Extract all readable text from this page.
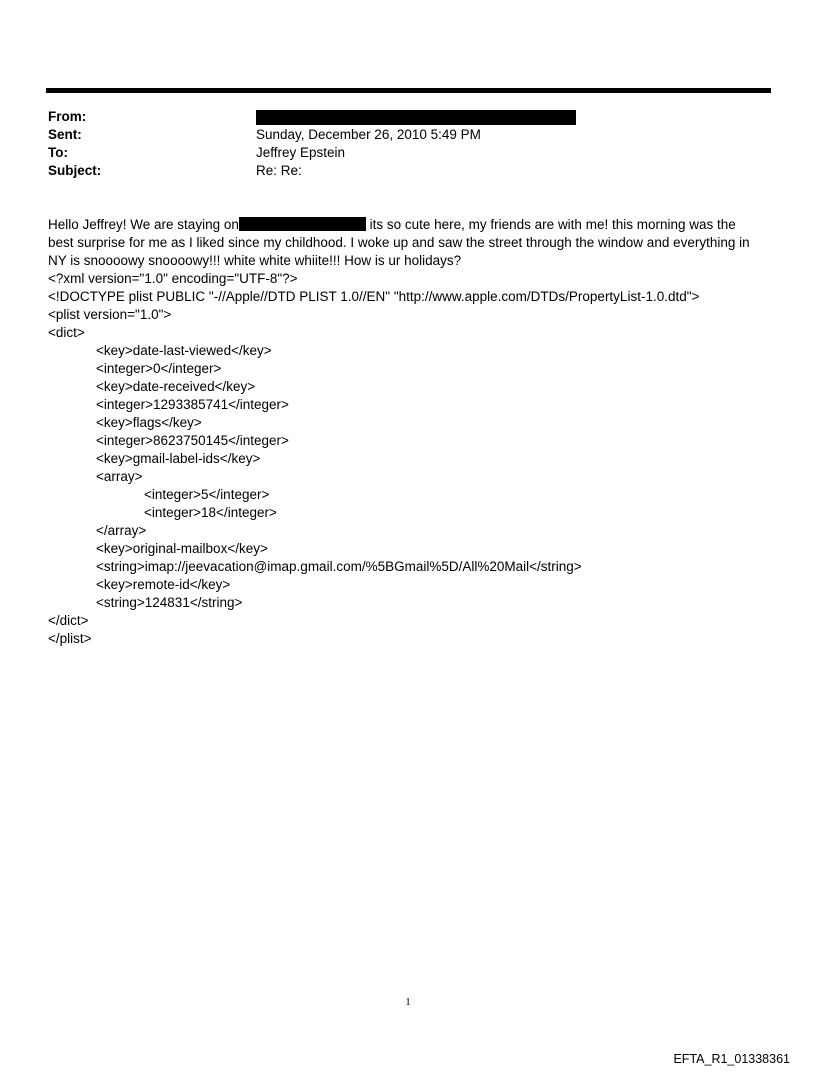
From:
Sent:	Sunday, December 26, 2010 5:49 PM
To:	Jeffrey Epstein
Subject:	Re: Re:
Hello Jeffrey! We are staying on	its so cute here, my friends are with me! this morning was the
best surprise for me as I liked since my childhood. I woke up and saw the street through the window and everything in
NY is snoooowy snoooowy!!! white white whiite!!! How is ur holidays?
<?xml version="1.0" encoding="UTF-8"?>
<!DOCTYPE plist PUBLIC "-//Apple//DTD PLIST 1.0//EN" "http://www.apple.com/DTDs/PropertyList-1.0.dtd">
<plist version="1.0">
<dict>
<key>date-last-viewed</key>
<integer>0</integer>
<key>date-received</key>
<integer>1293385741</integer>
<key>flags</key>
<integer>8623750145</integer>
<key>gmail-label-ids</key>
<array>
<integer>5</integer>
<integer>18</integer>
</array>
<key>original-mailbox</key>
<string>imap://jeevacation@imap.gmail.com/%5BGmail%5D/All%20Mail</string>
<key>remote-id</key>
<string>124831</string>
</dict>
</plist>
1
EFTA_R1_01338361
